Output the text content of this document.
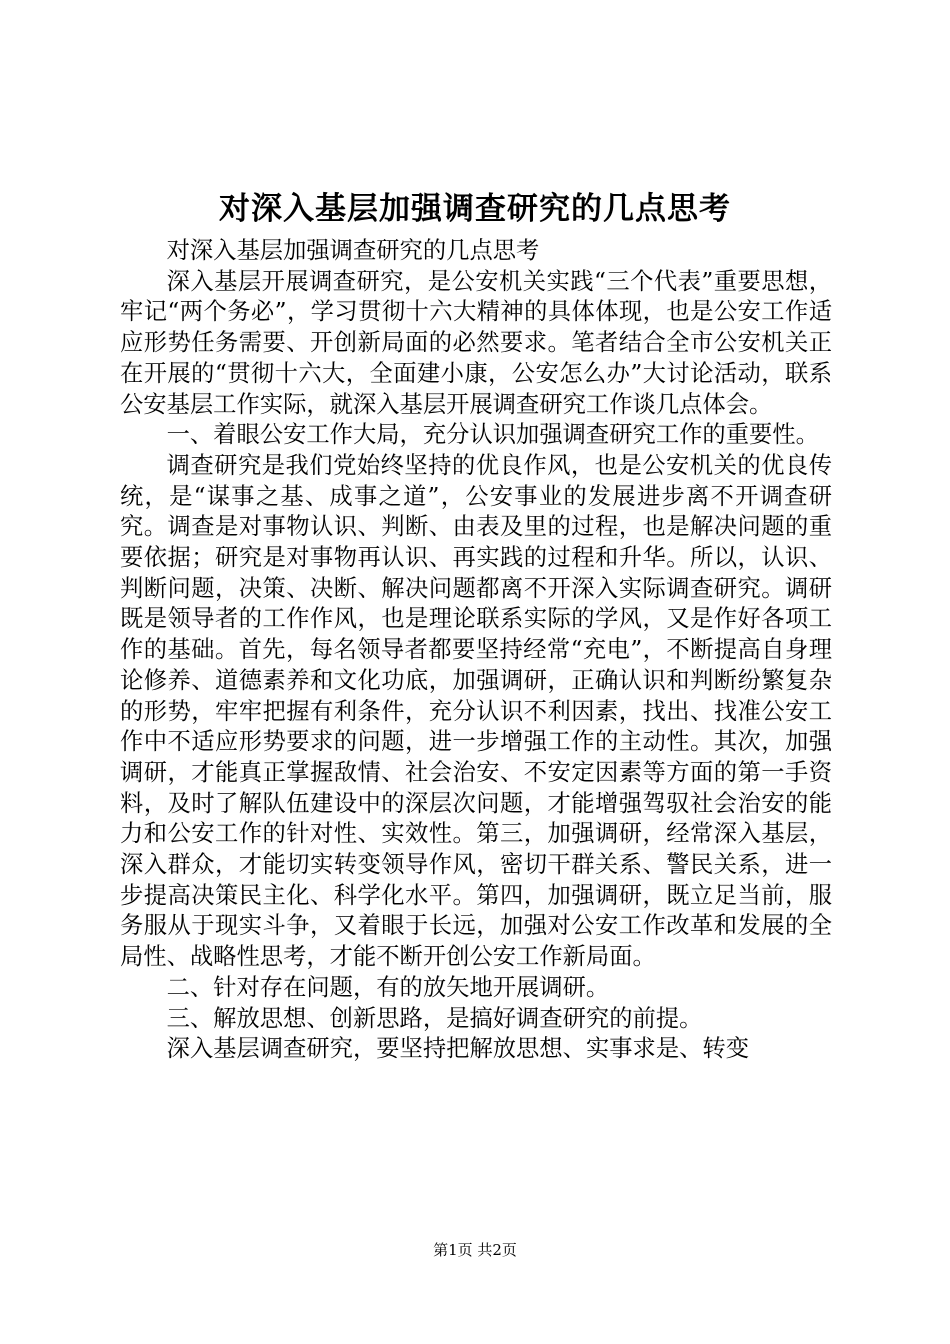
对深入基层加强调查研究的几点思考

对深入基层加强调查研究的几点思考

深入基层开展调查研究，是公安机关实践“三个代表”重要思想，牢记“两个务必”，学习贯彻十六大精神的具体体现，也是公安工作适应形势任务需要、开创新局面的必然要求。笔者结合全市公安机关正在开展的“贯彻十六大，全面建小康，公安怎么办”大讨论活动，联系公安基层工作实际，就深入基层开展调查研究工作谈几点体会。

一、着眼公安工作大局，充分认识加强调查研究工作的重要性。

调查研究是我们党始终坚持的优良作风，也是公安机关的优良传统，是“谋事之基、成事之道”，公安事业的发展进步离不开调查研究。调查是对事物认识、判断、由表及里的过程，也是解决问题的重要依据；研究是对事物再认识、再实践的过程和升华。所以，认识、判断问题，决策、决断、解决问题都离不开深入实际调查研究。调研既是领导者的工作作风，也是理论联系实际的学风，又是作好各项工作的基础。首先，每名领导者都要坚持经常“充电”，不断提高自身理论修养、道德素养和文化功底，加强调研，正确认识和判断纷繁复杂的形势，牢牢把握有利条件，充分认识不利因素，找出、找准公安工作中不适应形势要求的问题，进一步增强工作的主动性。其次，加强调研，才能真正掌握敌情、社会治安、不安定因素等方面的第一手资料，及时了解队伍建设中的深层次问题，才能增强驾驭社会治安的能力和公安工作的针对性、实效性。第三，加强调研，经常深入基层，深入群众，才能切实转变领导作风，密切干群关系、警民关系，进一步提高决策民主化、科学化水平。第四，加强调研，既立足当前，服务服从于现实斗争，又着眼于长远，加强对公安工作改革和发展的全局性、战略性思考，才能不断开创公安工作新局面。

二、针对存在问题，有的放矢地开展调研。

三、解放思想、创新思路，是搞好调查研究的前提。

深入基层调查研究，要坚持把解放思想、实事求是、转变

第1页 共2页
